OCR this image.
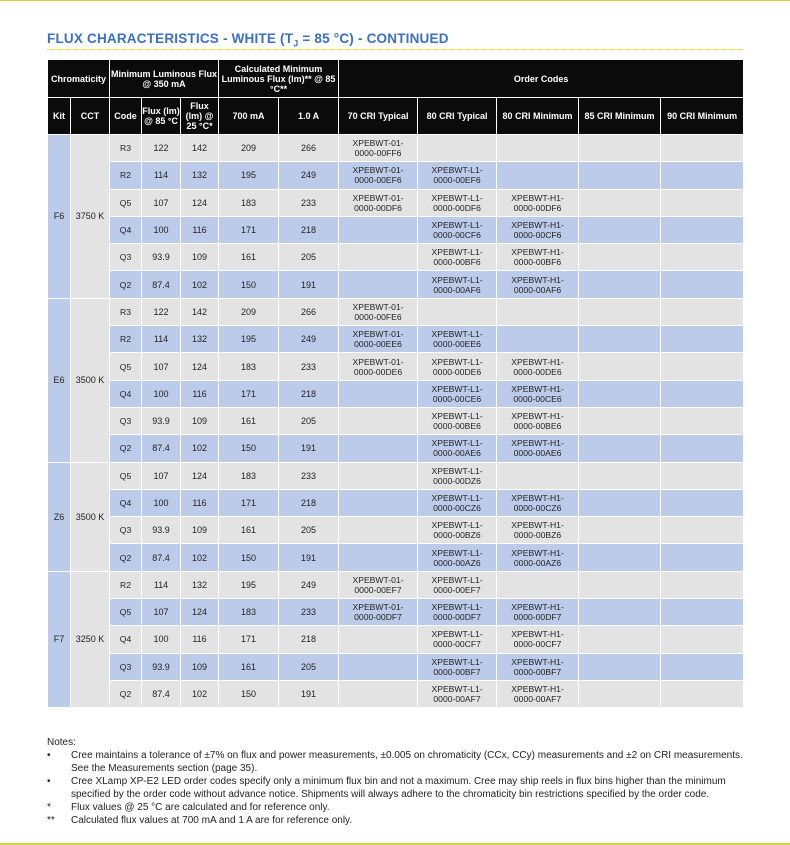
FLUX CHARACTERISTICS - WHITE ($T_J = 85$ °C) - CONTINUED
Chromaticity		Minimum Luminous Flux @ 350 mA			Calculated Minimum Luminous Flux (lm)** @ 85 °C**		Order Codes				
Kit	CCT	Code	Flux (lm) @ 85 °C	Flux (lm) @ 25 °C*	700 mA	1.0 A	70 CRI Typical	80 CRI Typical	80 CRI Minimum	85 CRI Minimum	90 CRI Minimum
F6	3750 K	R3	122	142	209	266	XPEBWT-01-
0000-00FF6				
		R2	114	132	195	249	XPEBWT-01-
0000-00EF6	XPEBWT-L1-
0000-00EF6			
		Q5	107	124	183	233	XPEBWT-01-
0000-00DF6	XPEBWT-L1-
0000-00DF6	XPEBWT-H1-
0000-00DF6		
		Q4	100	116	171	218		XPEBWT-L1-
0000-00CF6	XPEBWT-H1-
0000-00CF6		
		Q3	93.9	109	161	205		XPEBWT-L1-
0000-00BF6	XPEBWT-H1-
0000-00BF6		
		Q2	87.4	102	150	191		XPEBWT-L1-
0000-00AF6	XPEBWT-H1-
0000-00AF6		
E6	3500 K	R3	122	142	209	266	XPEBWT-01-
0000-00FE6				
		R2	114	132	195	249	XPEBWT-01-
0000-00EE6	XPEBWT-L1-
0000-00EE6			
		Q5	107	124	183	233	XPEBWT-01-
0000-00DE6	XPEBWT-L1-
0000-00DE6	XPEBWT-H1-
0000-00DE6		
		Q4	100	116	171	218		XPEBWT-L1-
0000-00CE6	XPEBWT-H1-
0000-00CE6		
		Q3	93.9	109	161	205		XPEBWT-L1-
0000-00BE6	XPEBWT-H1-
0000-00BE6		
		Q2	87.4	102	150	191		XPEBWT-L1-
0000-00AE6	XPEBWT-H1-
0000-00AE6		
Z6	3500 K	Q5	107	124	183	233		XPEBWT-L1-
0000-00DZ6			
		Q4	100	116	171	218		XPEBWT-L1-
0000-00CZ6	XPEBWT-H1-
0000-00CZ6		
		Q3	93.9	109	161	205		XPEBWT-L1-
0000-00BZ6	XPEBWT-H1-
0000-00BZ6		
		Q2	87.4	102	150	191		XPEBWT-L1-
0000-00AZ6	XPEBWT-H1-
0000-00AZ6		
F7	3250 K	R2	114	132	195	249	XPEBWT-01-
0000-00EF7	XPEBWT-L1-
0000-00EF7			
		Q5	107	124	183	233	XPEBWT-01-
0000-00DF7	XPEBWT-L1-
0000-00DF7	XPEBWT-H1-
0000-00DF7		
		Q4	100	116	171	218		XPEBWT-L1-
0000-00CF7	XPEBWT-H1-
0000-00CF7		
		Q3	93.9	109	161	205		XPEBWT-L1-
0000-00BF7	XPEBWT-H1-
0000-00BF7		
		Q2	87.4	102	150	191		XPEBWT-L1-
0000-00AF7	XPEBWT-H1-
0000-00AF7		
Notes:
• Cree maintains a tolerance of ±7% on flux and power measurements, ±0.005 on chromaticity (CCx, CCy) measurements and ±2 on CRI measurements. See the Measurements section (page 35).
• Cree XLamp XP-E2 LED order codes specify only a minimum flux bin and not a maximum. Cree may ship reels in flux bins higher than the minimum specified by the order code without advance notice. Shipments will always adhere to the chromaticity bin restrictions specified by the order code.
* Flux values @ 25 °C are calculated and for reference only.
** Calculated flux values at 700 mA and 1 A are for reference only.
